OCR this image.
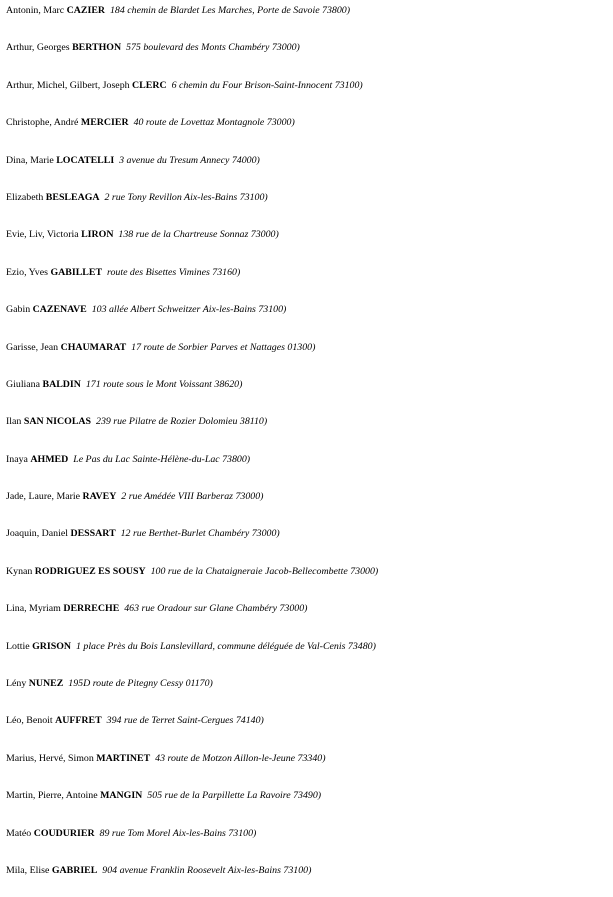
Antonin, Marc CAZIER 184 chemin de Blardet Les Marches, Porte de Savoie 73800)
Arthur, Georges BERTHON 575 boulevard des Monts Chambéry 73000)
Arthur, Michel, Gilbert, Joseph CLERC 6 chemin du Four Brison-Saint-Innocent 73100)
Christophe, André MERCIER 40 route de Lovettaz Montagnole 73000)
Dina, Marie LOCATELLI 3 avenue du Tresum Annecy 74000)
Elizabeth BESLEAGA 2 rue Tony Revillon Aix-les-Bains 73100)
Evie, Liv, Victoria LIRON 138 rue de la Chartreuse Sonnaz 73000)
Ezio, Yves GABILLET route des Bisettes Vimines 73160)
Gabin CAZENAVE 103 allée Albert Schweitzer Aix-les-Bains 73100)
Garisse, Jean CHAUMARAT 17 route de Sorbier Parves et Nattages 01300)
Giuliana BALDIN 171 route sous le Mont Voissant 38620)
Ilan SAN NICOLAS 239 rue Pilatre de Rozier Dolomieu 38110)
Inaya AHMED Le Pas du Lac Sainte-Hélène-du-Lac 73800)
Jade, Laure, Marie RAVEY 2 rue Amédée VIII Barberaz 73000)
Joaquin, Daniel DESSART 12 rue Berthet-Burlet Chambéry 73000)
Kynan RODRIGUEZ ES SOUSY 100 rue de la Chataigneraie Jacob-Bellecombette 73000)
Lina, Myriam DERRECHE 463 rue Oradour sur Glane Chambéry 73000)
Lottie GRISON 1 place Près du Bois Lanslevillard, commune déléguée de Val-Cenis 73480)
Lény NUNEZ 195D route de Pitegny Cessy 01170)
Léo, Benoit AUFFRET 394 rue de Terret Saint-Cergues 74140)
Marius, Hervé, Simon MARTINET 43 route de Motzon Aillon-le-Jeune 73340)
Martin, Pierre, Antoine MANGIN 505 rue de la Parpillette La Ravoire 73490)
Matéo COUDURIER 89 rue Tom Morel Aix-les-Bains 73100)
Mila, Elise GABRIEL 904 avenue Franklin Roosevelt Aix-les-Bains 73100)
